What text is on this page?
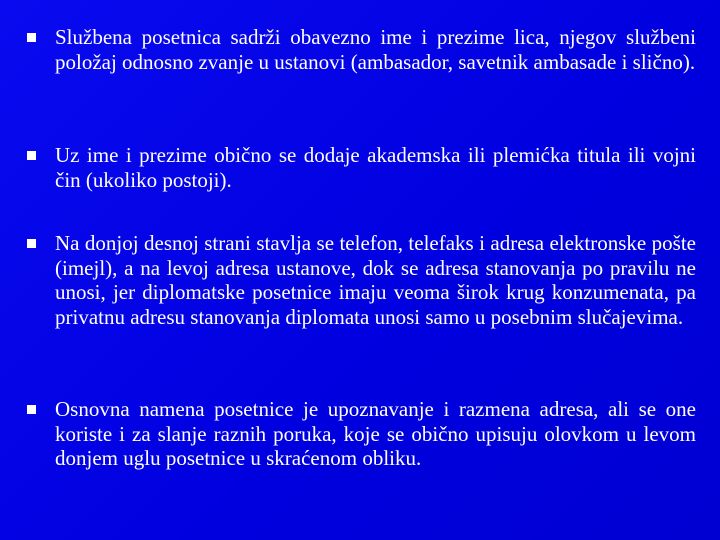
Službena posetnica sadrži obavezno ime i prezime lica, njegov službeni položaj odnosno zvanje u ustanovi (ambasador, savetnik ambasade i slično).
Uz ime i prezime obično se dodaje akademska ili plemićka titula ili vojni čin (ukoliko postoji).
Na donjoj desnoj strani stavlja se telefon, telefaks i adresa elektronske pošte (imejl), a na levoj adresa ustanove, dok se adresa stanovanja po pravilu ne unosi, jer diplomatske posetnice imaju veoma širok krug konzumenata, pa privatnu adresu stanovanja diplomata unosi samo u posebnim slučajevima.
Osnovna namena posetnice je upoznavanje i razmena adresa, ali se one koriste i za slanje raznih poruka, koje se obično upisuju olovkom u levom donjem uglu posetnice u skraćenom obliku.
